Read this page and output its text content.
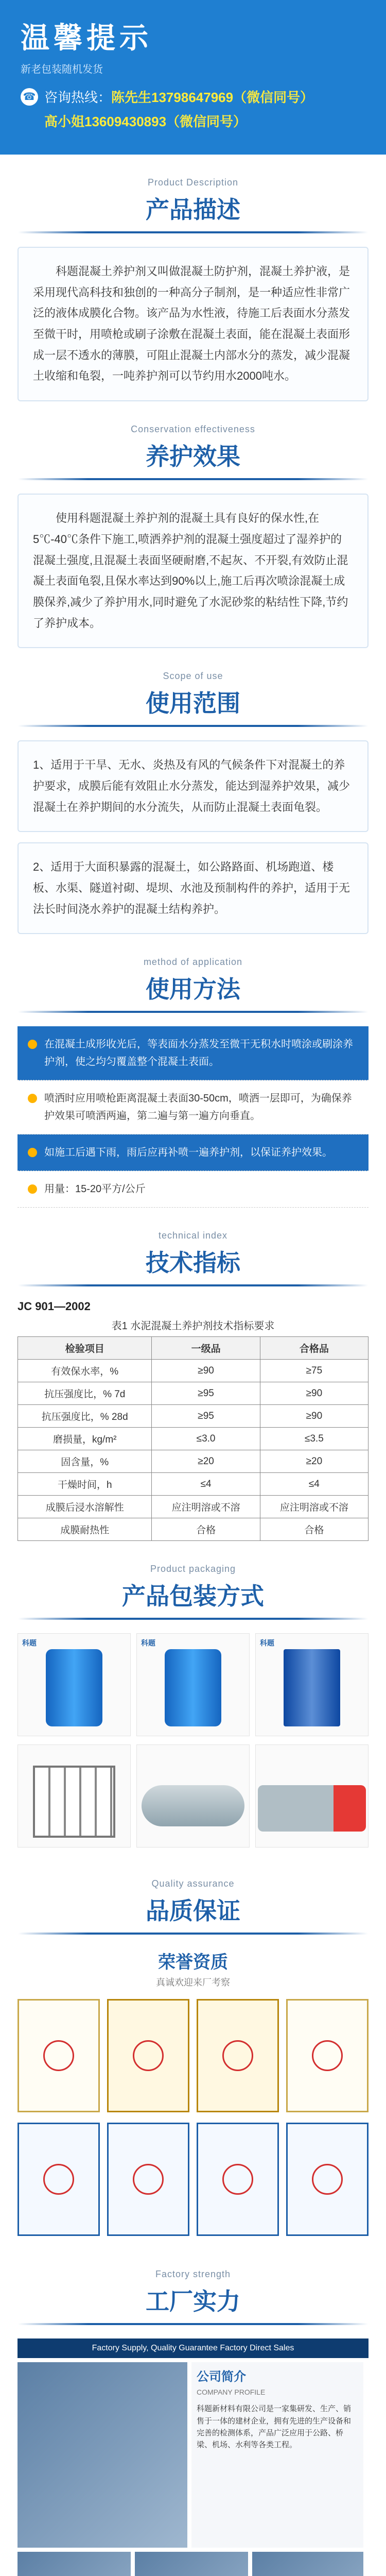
温馨提示
新老包装随机发货
☎ 咨询热线： 陈先生13798647969（微信同号）
高小姐13609430893（微信同号）
Product Description
产品描述

科题混凝土养护剂又叫做混凝土防护剂，混凝土养护液，是采用现代高科技和独创的一种高分子制剂，是一种适应性非常广泛的液体成膜化合物。该产品为水性液，待施工后表面水分蒸发至微干时，用喷枪或刷子涂敷在混凝土表面，能在混凝土表面形成一层不透水的薄膜，可阻止混凝土内部水分的蒸发，减少混凝土收缩和龟裂，一吨养护剂可以节约用水2000吨水。

Conservation effectiveness
养护效果

使用科题混凝土养护剂的混凝土具有良好的保水性,在5℃-40℃条件下施工,喷洒养护剂的混凝土强度超过了湿养护的混凝土强度,且混凝土表面坚硬耐磨,不起灰、不开裂,有效防止混凝土表面龟裂,且保水率达到90%以上,施工后再次喷涂混凝土成膜保养,减少了养护用水,同时避免了水泥砂浆的粘结性下降,节约了养护成本。

Scope of use
使用范围

1、适用于干旱、无水、炎热及有风的气候条件下对混凝土的养护要求，成膜后能有效阻止水分蒸发，能达到湿养护效果，减少混凝土在养护期间的水分流失，从而防止混凝土表面龟裂。

2、适用于大面积暴露的混凝土，如公路路面、机场跑道、楼板、水渠、隧道衬砌、堤坝、水池及预制构件的养护，适用于无法长时间浇水养护的混凝土结构养护。

method of application
使用方法
在混凝土成形收光后，等表面水分蒸发至微干无积水时喷涂或刷涂养护剂，使之均匀覆盖整个混凝土表面。
喷洒时应用喷枪距离混凝土表面30-50cm，喷洒一层即可，为确保养护效果可喷洒两遍，第二遍与第一遍方向垂直。
如施工后遇下雨，雨后应再补喷一遍养护剂，以保证养护效果。
用量：15-20平方/公斤
technical index
技术指标
JC 901—2002
表1 水泥混凝土养护剂技术指标要求
检验项目	一级品	合格品
有效保水率，%	≥90	≥75
抗压强度比，% 7d	≥95	≥90
抗压强度比，% 28d	≥95	≥90
磨损量，kg/m²	≤3.0	≤3.5
固含量，%	≥20	≥20
干燥时间，h	≤4	≤4
成膜后浸水溶解性	应注明溶或不溶	应注明溶或不溶
成膜耐热性	合格	合格
Product packaging
产品包装方式
科题	科题	科题
Quality assurance
品质保证
荣誉资质
真诚欢迎来厂考察
Factory strength
工厂实力
Factory Supply, Quality Guarantee Factory Direct Sales
公司简介
COMPANY PROFILE
科题新材料有限公司是一家集研发、生产、销售于一体的建材企业，拥有先进的生产设备和完善的检测体系，产品广泛应用于公路、桥梁、机场、水利等各类工程。
